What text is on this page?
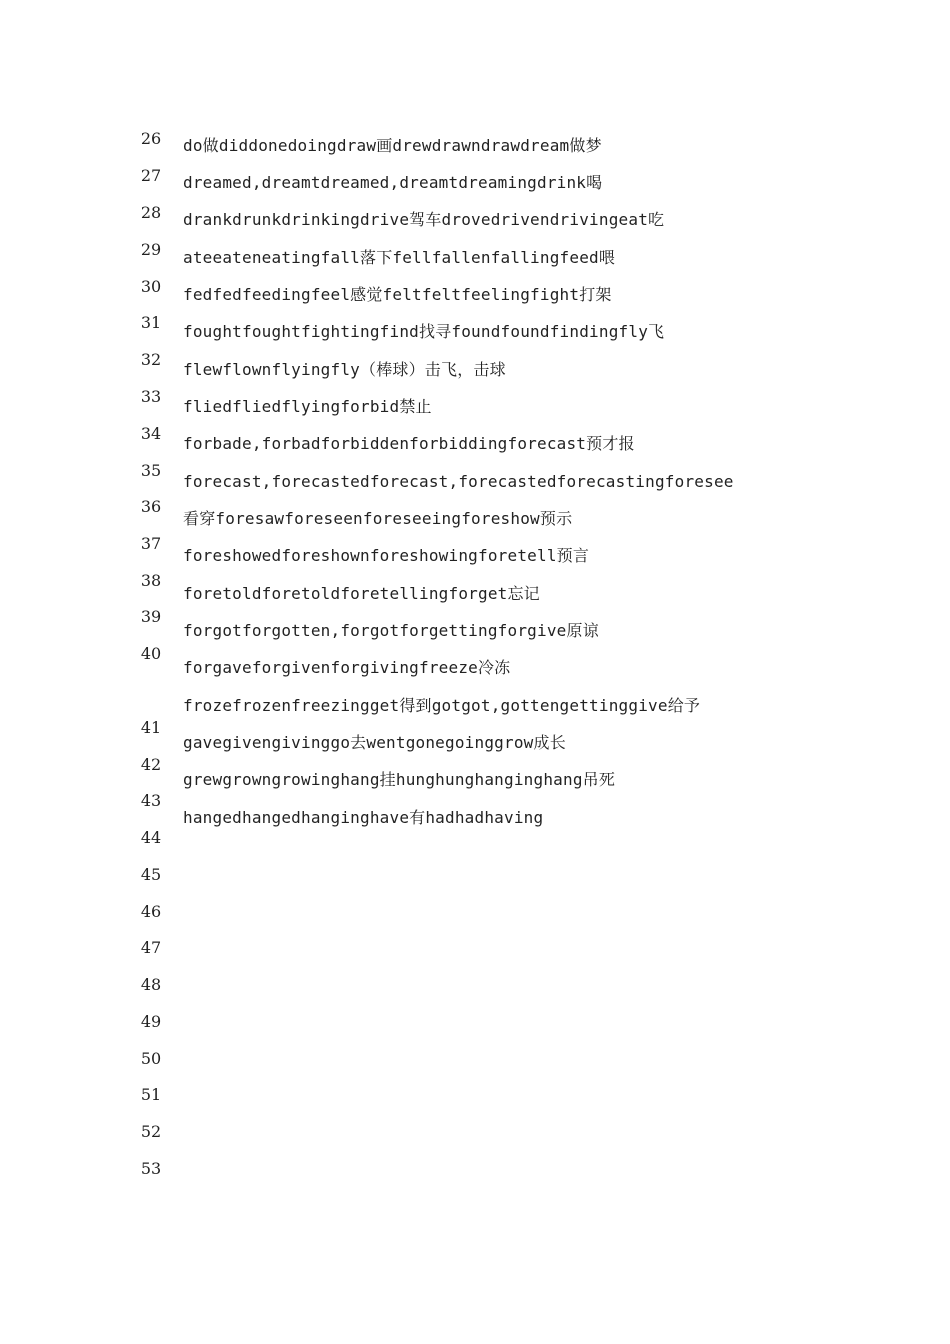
26
27
28
29
30
31
32
33
34
35
36
37
38
39
40
41
42
43
44
45
46
47
48
49
50
51
52
53
do做diddonedoingdraw画drewdrawndrawdream做梦
dreamed,dreamtdreamed,dreamtdreamingdrink喝
drankdrunkdrinkingdrive驾车drovedrivendrivingeat吃
ateeateneatingfall落下fellfallenfallingfeed喂
fedfedfeedingfeel感觉feltfeltfeelingfight打架
foughtfoughtfightingfind找寻foundfoundfindingfly飞
flewflownflyingfly（棒球）击飞，击球
fliedfliedflyingforbid禁止
forbade,forbadforbiddenforbiddingforecast预才报
forecast,forecastedforecast,forecastedforecastingforesee
看穿foresawforeseenforeseeingforeshow预示
foreshowedforeshownforeshowingforetell预言
foretoldforetoldforetellingforget忘记
forgotforgotten,forgotforgettingforgive原谅
forgaveforgivenforgivingfreeze冷冻
frozefrozenfreezingget得到gotgot,gottengettinggive给予
gavegivengivinggo去wentgonegoinggrow成长
grewgrowngrowinghang挂hunghunghanginghang吊死
hangedhangedhanginghave有hadhadhaving
